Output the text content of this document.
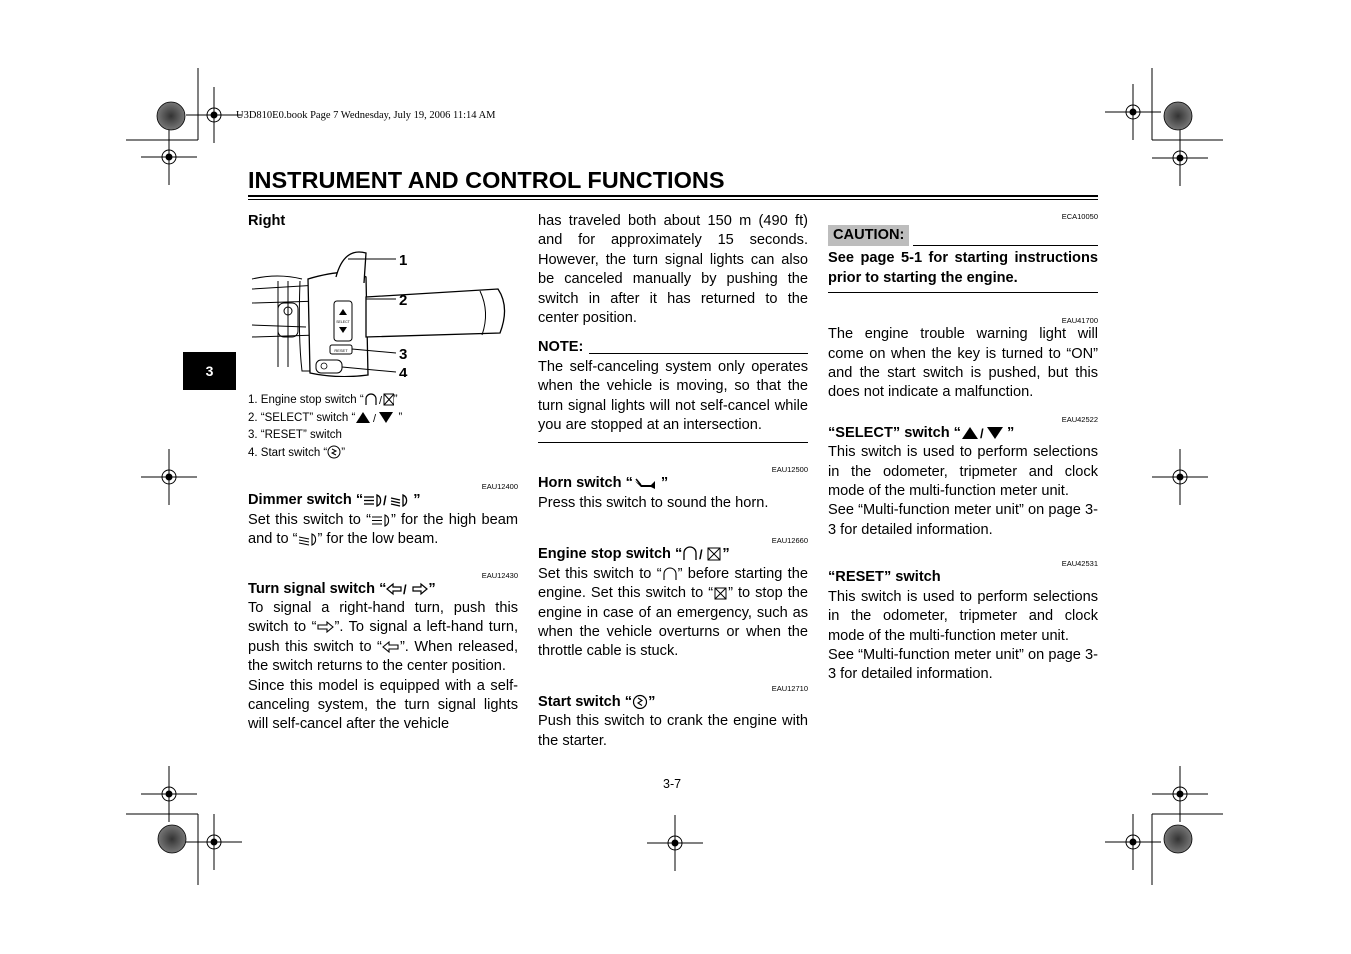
U3D810E0.book Page 7 Wednesday, July 19, 2006 11:14 AM
INSTRUMENT AND CONTROL FUNCTIONS
3

Right

SELECT
RESET
1
2
3
4

1. Engine stop switch “ / ”

2. “SELECT” switch “ / ”

3. “RESET” switch

4. Start switch “ ”

EAU12400

Dimmer switch “ / ”

Set this switch to “ ” for the high beam and to “ ” for the low beam.

EAU12430

Turn signal switch “ / ”

To signal a right-hand turn, push this switch to “ ”. To signal a left-hand turn, push this switch to “ ”. When released, the switch returns to the center position.

Since this model is equipped with a self-canceling system, the turn signal lights will self-cancel after the vehicle

has traveled both about 150 m (490 ft) and for approximately 15 seconds. However, the turn signal lights can also be canceled manually by pushing the switch in after it has returned to the center position.

NOTE:

The self-canceling system only operates when the vehicle is moving, so that the turn signal lights will not self-cancel while you are stopped at an intersection.

EAU12500

Horn switch “ ”

Press this switch to sound the horn.

EAU12660

Engine stop switch “ / ”

Set this switch to “ ” before starting the engine. Set this switch to “ ” to stop the engine in case of an emergency, such as when the vehicle overturns or when the throttle cable is stuck.

EAU12710

Start switch “ ”

Push this switch to crank the engine with the starter.

ECA10050

CAUTION:

See page 5-1 for starting instructions prior to starting the engine.

EAU41700

The engine trouble warning light will come on when the key is turned to “ON” and the start switch is pushed, but this does not indicate a malfunction.

EAU42522

“SELECT” switch “ / ”

This switch is used to perform selections in the odometer, tripmeter and clock mode of the multi-function meter unit.

See “Multi-function meter unit” on page 3-3 for detailed information.

EAU42531

“RESET” switch

This switch is used to perform selections in the odometer, tripmeter and clock mode of the multi-function meter unit.

See “Multi-function meter unit” on page 3-3 for detailed information.

3-7
